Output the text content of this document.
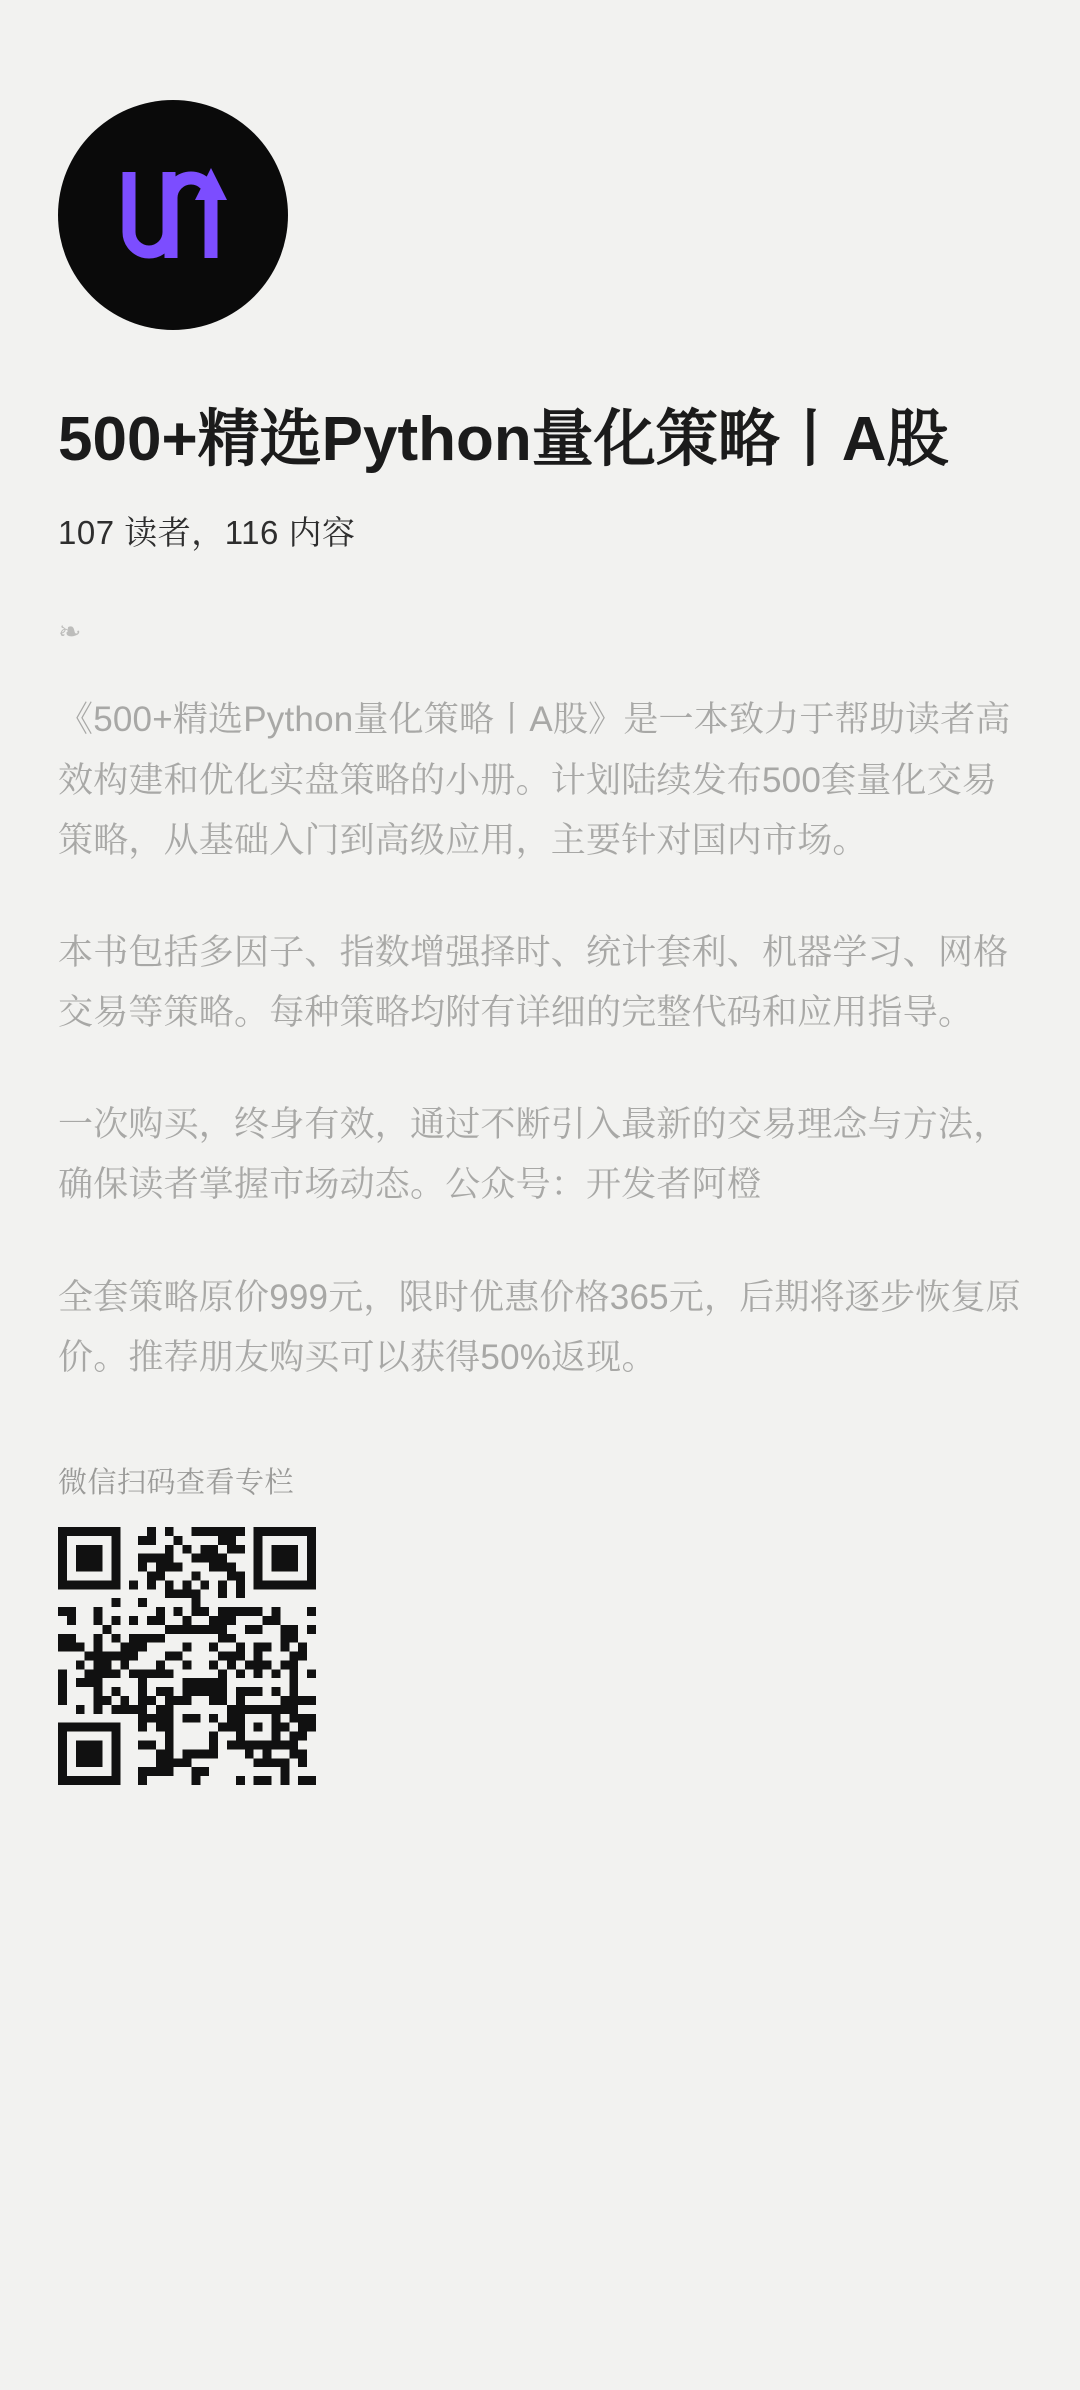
500+精选Python量化策略丨A股
107 读者，116 内容
❧

《500+精选Python量化策略丨A股》是一本致力于帮助读者高效构建和优化实盘策略的小册。计划陆续发布500套量化交易策略，从基础入门到高级应用，主要针对国内市场。

本书包括多因子、指数增强择时、统计套利、机器学习、网格交易等策略。每种策略均附有详细的完整代码和应用指导。

一次购买，终身有效，通过不断引入最新的交易理念与方法，确保读者掌握市场动态。公众号：开发者阿橙

全套策略原价999元，限时优惠价格365元，后期将逐步恢复原价。推荐朋友购买可以获得50%返现。

微信扫码查看专栏
